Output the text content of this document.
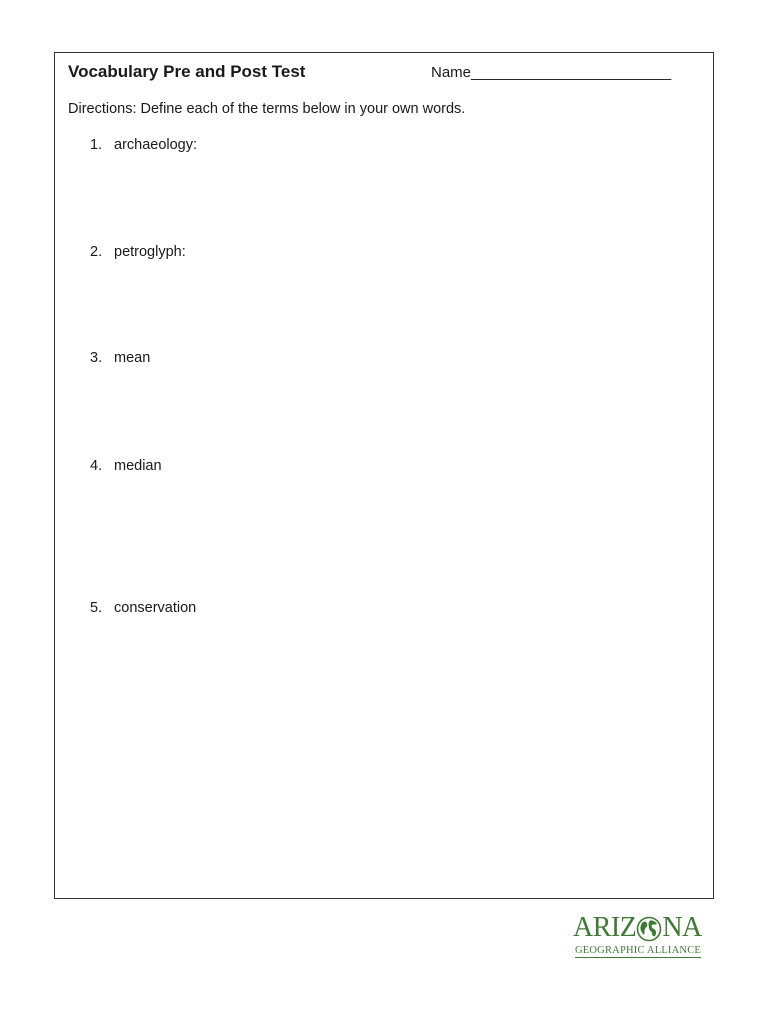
Vocabulary Pre and Post Test	Name________________________
Directions: Define each of the terms below in your own words.
1. archaeology:
2. petroglyph:
3. mean
4. median
5. conservation
ARIZ NA
GEOGRAPHIC ALLIANCE
